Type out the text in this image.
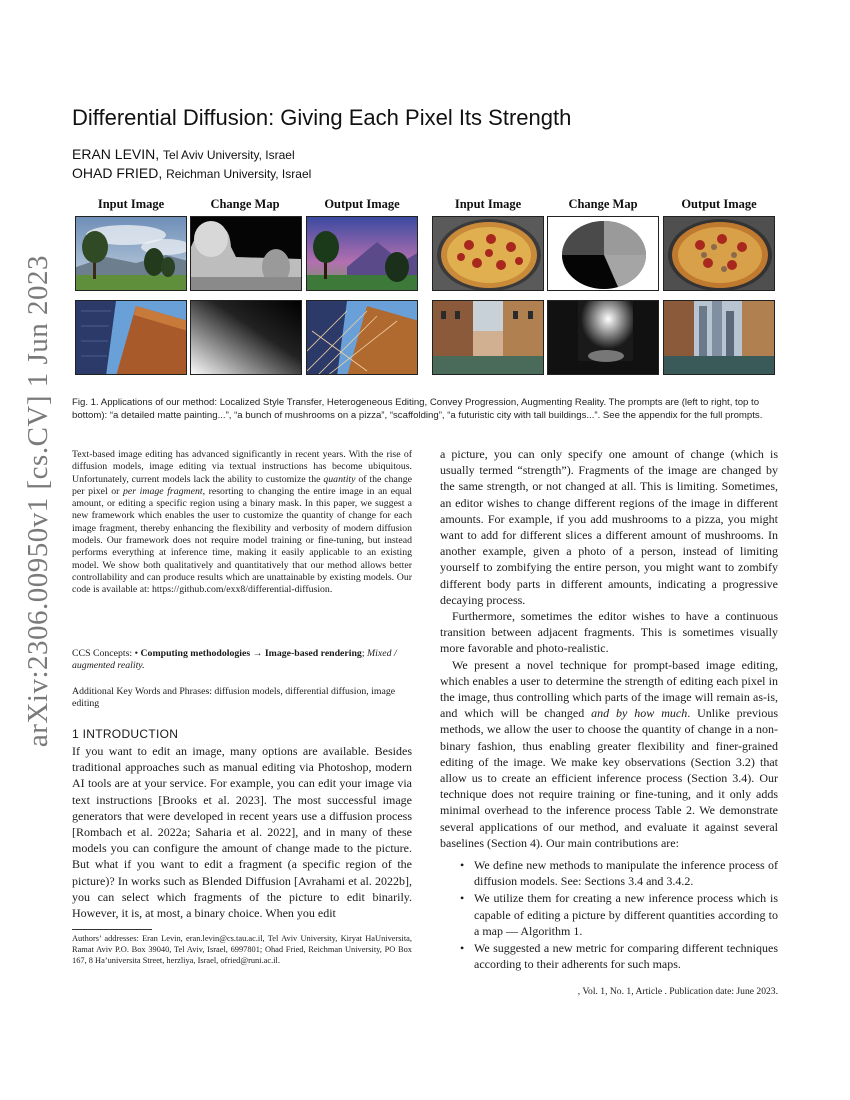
arXiv:2306.00950v1 [cs.CV] 1 Jun 2023
Differential Diffusion: Giving Each Pixel Its Strength
ERAN LEVIN, Tel Aviv University, Israel
OHAD FRIED, Reichman University, Israel
Input Image	Change Map	Output Image	Input Image	Change Map	Output Image
Fig. 1. Applications of our method: Localized Style Transfer, Heterogeneous Editing, Convey Progression, Augmenting Reality. The prompts are (left to right, top to bottom): “a detailed matte painting...”, “a bunch of mushrooms on a pizza”, “scaffolding”, “a futuristic city with tall buildings...”. See the appendix for the full prompts.
Text-based image editing has advanced significantly in recent years. With the rise of diffusion models, image editing via textual instructions has become ubiquitous. Unfortunately, current models lack the ability to customize the quantity of the change per pixel or per image fragment, resorting to changing the entire image in an equal amount, or editing a specific region using a binary mask. In this paper, we suggest a new framework which enables the user to customize the quantity of change for each image fragment, thereby enhancing the flexibility and verbosity of modern diffusion models. Our framework does not require model training or fine-tuning, but instead performs everything at inference time, making it easily applicable to an existing model. We show both qualitatively and quantitatively that our method allows better controllability and can produce results which are unattainable by existing models. Our code is available at: https://github.com/exx8/differential-diffusion.
CCS Concepts: • Computing methodologies → Image-based rendering; Mixed / augmented reality.
Additional Key Words and Phrases: diffusion models, differential diffusion, image editing
1 INTRODUCTION
If you want to edit an image, many options are available. Besides traditional approaches such as manual editing via Photoshop, modern AI tools are at your service. For example, you can edit your image via text instructions [Brooks et al. 2023]. The most successful image generators that were developed in recent years use a diffusion process [Rombach et al. 2022a; Saharia et al. 2022], and in many of these models you can configure the amount of change made to the picture. But what if you want to edit a fragment (a specific region of the picture)? In works such as Blended Diffusion [Avrahami et al. 2022b], you can select which fragments of the picture to edit binarily. However, it is, at most, a binary choice. When you edit
Authors’ addresses: Eran Levin, eran.levin@cs.tau.ac.il, Tel Aviv University, Kiryat HaUniversita, Ramat Aviv P.O. Box 39040, Tel Aviv, Israel, 6997801; Ohad Fried, Reichman University, PO Box 167, 8 Ha’universita Street, herzliya, Israel, ofried@runi.ac.il.

a picture, you can only specify one amount of change (which is usually termed “strength”). Fragments of the image are changed by the same strength, or not changed at all. This is limiting. Sometimes, an editor wishes to change different regions of the image in different amounts. For example, if you add mushrooms to a pizza, you might want to add for different slices a different amount of mushrooms. In another example, given a photo of a person, instead of limiting yourself to zombifying the entire person, you might want to zombify different body parts in different amounts, indicating a progressive decaying process.

Furthermore, sometimes the editor wishes to have a continuous transition between adjacent fragments. This is sometimes visually more favorable and photo-realistic.

We present a novel technique for prompt-based image editing, which enables a user to determine the strength of editing each pixel in the image, thus controlling which parts of the image will remain as-is, and which will be changed and by how much. Unlike previous methods, we allow the user to choose the quantity of change in a non-binary fashion, thus enabling greater flexibility and finer-grained editing of the image. We make key observations (Section 3.2) that allow us to create an efficient inference process (Section 3.4). Our technique does not require training or fine-tuning, and it only adds minimal overhead to the inference process Table 2. We demonstrate several applications of our method, and evaluate it against several baselines (Section 4). Our main contributions are:

• We define new methods to manipulate the inference process of diffusion models. See: Sections 3.4 and 3.4.2.
• We utilize them for creating a new inference process which is capable of editing a picture by different quantities according to a map — Algorithm 1.
• We suggested a new metric for comparing different techniques according to their adherents for such maps.
, Vol. 1, No. 1, Article . Publication date: June 2023.
